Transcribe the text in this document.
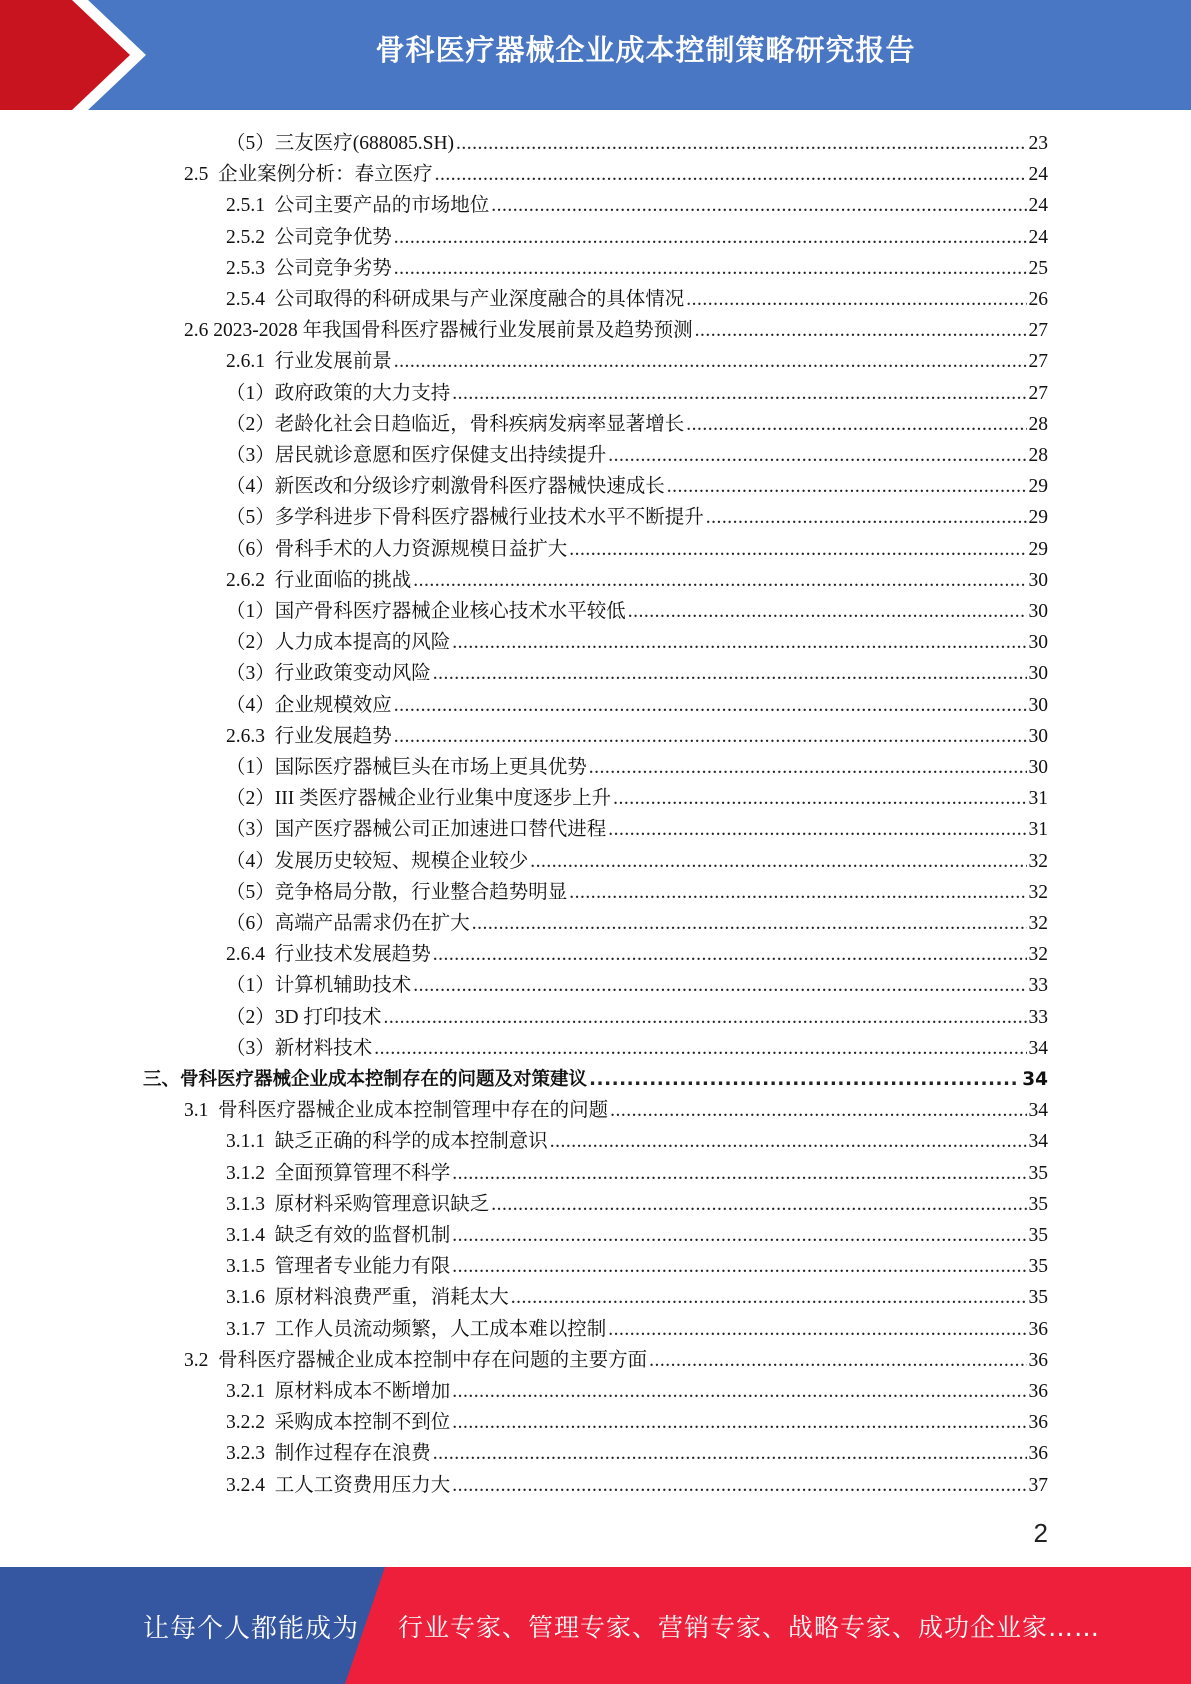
骨科医疗器械企业成本控制策略研究报告
（5）三友医疗(688085.SH) .....	23
2.5 企业案例分析：春立医疗 .....	24
2.5.1 公司主要产品的市场地位 .....	24
2.5.2 公司竞争优势 .....	24
2.5.3 公司竞争劣势 .....	25
2.5.4 公司取得的科研成果与产业深度融合的具体情况 .....	26
2.6 2023-2028 年我国骨科医疗器械行业发展前景及趋势预测 .....	27
2.6.1 行业发展前景 .....	27
（1）政府政策的大力支持 .....	27
（2）老龄化社会日趋临近，骨科疾病发病率显著增长 .....	28
（3）居民就诊意愿和医疗保健支出持续提升 .....	28
（4）新医改和分级诊疗刺激骨科医疗器械快速成长 .....	29
（5）多学科进步下骨科医疗器械行业技术水平不断提升 .....	29
（6）骨科手术的人力资源规模日益扩大 .....	29
2.6.2 行业面临的挑战 .....	30
（1）国产骨科医疗器械企业核心技术水平较低 .....	30
（2）人力成本提高的风险 .....	30
（3）行业政策变动风险 .....	30
（4）企业规模效应 .....	30
2.6.3 行业发展趋势 .....	30
（1）国际医疗器械巨头在市场上更具优势 .....	30
（2）III 类医疗器械企业行业集中度逐步上升 .....	31
（3）国产医疗器械公司正加速进口替代进程 .....	31
（4）发展历史较短、规模企业较少 .....	32
（5）竞争格局分散，行业整合趋势明显 .....	32
（6）高端产品需求仍在扩大 .....	32
2.6.4 行业技术发展趋势 .....	32
（1）计算机辅助技术 .....	33
（2）3D 打印技术 .....	33
（3）新材料技术 .....	34
三、骨科医疗器械企业成本控制存在的问题及对策建议 .....	34
3.1 骨科医疗器械企业成本控制管理中存在的问题 .....	34
3.1.1 缺乏正确的科学的成本控制意识 .....	34
3.1.2 全面预算管理不科学 .....	35
3.1.3 原材料采购管理意识缺乏 .....	35
3.1.4 缺乏有效的监督机制 .....	35
3.1.5 管理者专业能力有限 .....	35
3.1.6 原材料浪费严重，消耗太大 .....	35
3.1.7 工作人员流动频繁，人工成本难以控制 .....	36
3.2 骨科医疗器械企业成本控制中存在问题的主要方面 .....	36
3.2.1 原材料成本不断增加 .....	36
3.2.2 采购成本控制不到位 .....	36
3.2.3 制作过程存在浪费 .....	36
3.2.4 工人工资费用压力大 .....	37
2
让每个人都能成为 行业专家、管理专家、营销专家、战略专家、成功企业家……
